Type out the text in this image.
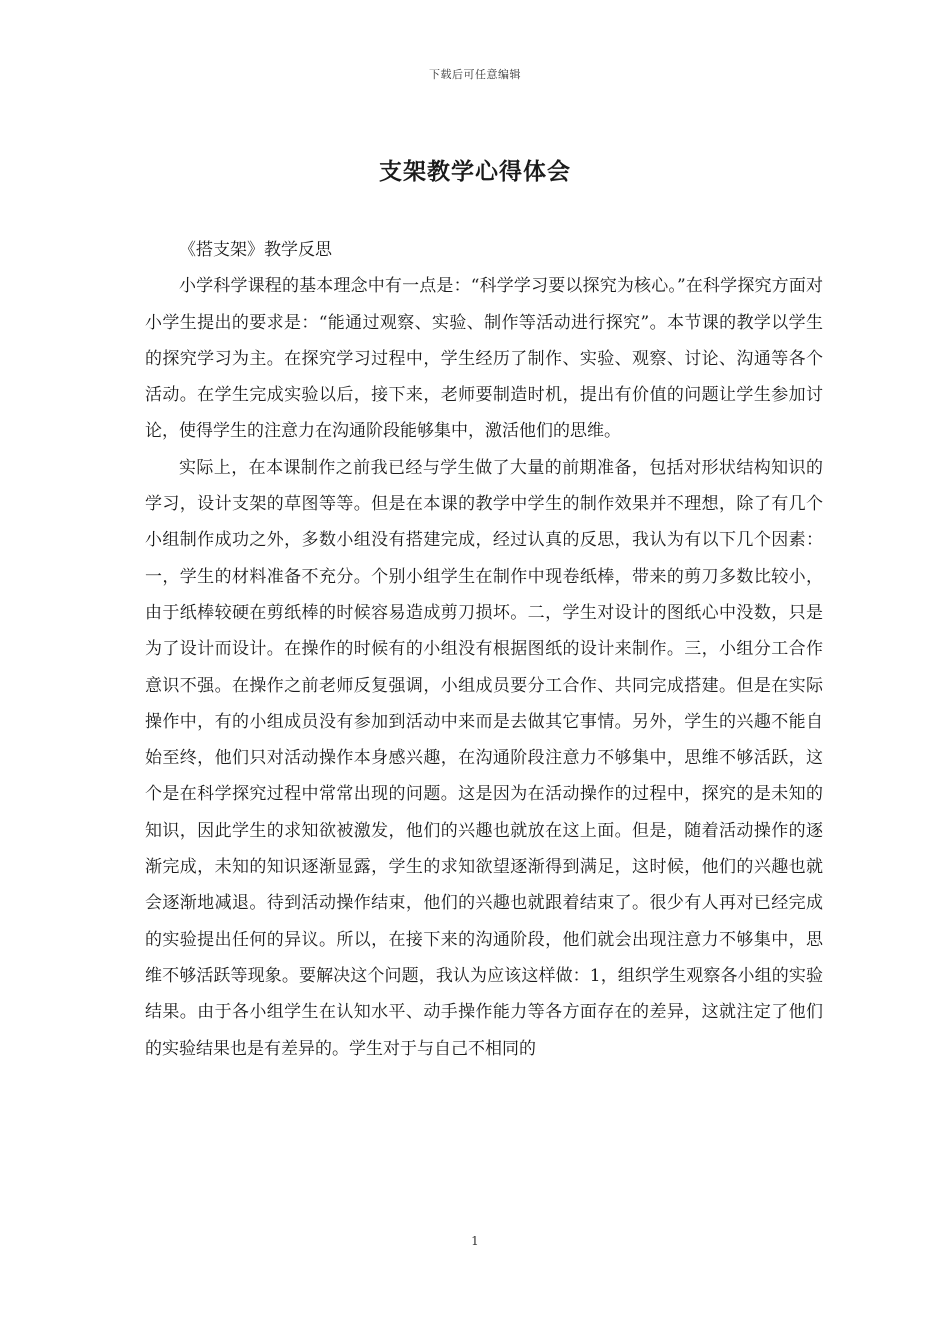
下载后可任意编辑
支架教学心得体会

《搭支架》教学反思

小学科学课程的基本理念中有一点是：“科学学习要以探究为核心。”在科学探究方面对小学生提出的要求是：“能通过观察、实验、制作等活动进行探究”。本节课的教学以学生的探究学习为主。在探究学习过程中，学生经历了制作、实验、观察、讨论、沟通等各个活动。在学生完成实验以后，接下来，老师要制造时机，提出有价值的问题让学生参加讨论，使得学生的注意力在沟通阶段能够集中，激活他们的思维。

实际上，在本课制作之前我已经与学生做了大量的前期准备，包括对形状结构知识的学习，设计支架的草图等等。但是在本课的教学中学生的制作效果并不理想，除了有几个小组制作成功之外，多数小组没有搭建完成，经过认真的反思，我认为有以下几个因素：一，学生的材料准备不充分。个别小组学生在制作中现卷纸棒，带来的剪刀多数比较小，由于纸棒较硬在剪纸棒的时候容易造成剪刀损坏。二，学生对设计的图纸心中没数，只是为了设计而设计。在操作的时候有的小组没有根据图纸的设计来制作。三，小组分工合作意识不强。在操作之前老师反复强调，小组成员要分工合作、共同完成搭建。但是在实际操作中，有的小组成员没有参加到活动中来而是去做其它事情。另外，学生的兴趣不能自始至终，他们只对活动操作本身感兴趣，在沟通阶段注意力不够集中，思维不够活跃，这个是在科学探究过程中常常出现的问题。这是因为在活动操作的过程中，探究的是未知的知识，因此学生的求知欲被激发，他们的兴趣也就放在这上面。但是，随着活动操作的逐渐完成，未知的知识逐渐显露，学生的求知欲望逐渐得到满足，这时候，他们的兴趣也就会逐渐地减退。待到活动操作结束，他们的兴趣也就跟着结束了。很少有人再对已经完成的实验提出任何的异议。所以，在接下来的沟通阶段，他们就会出现注意力不够集中，思维不够活跃等现象。要解决这个问题，我认为应该这样做：1，组织学生观察各小组的实验结果。由于各小组学生在认知水平、动手操作能力等各方面存在的差异，这就注定了他们的实验结果也是有差异的。学生对于与自己不相同的

1
